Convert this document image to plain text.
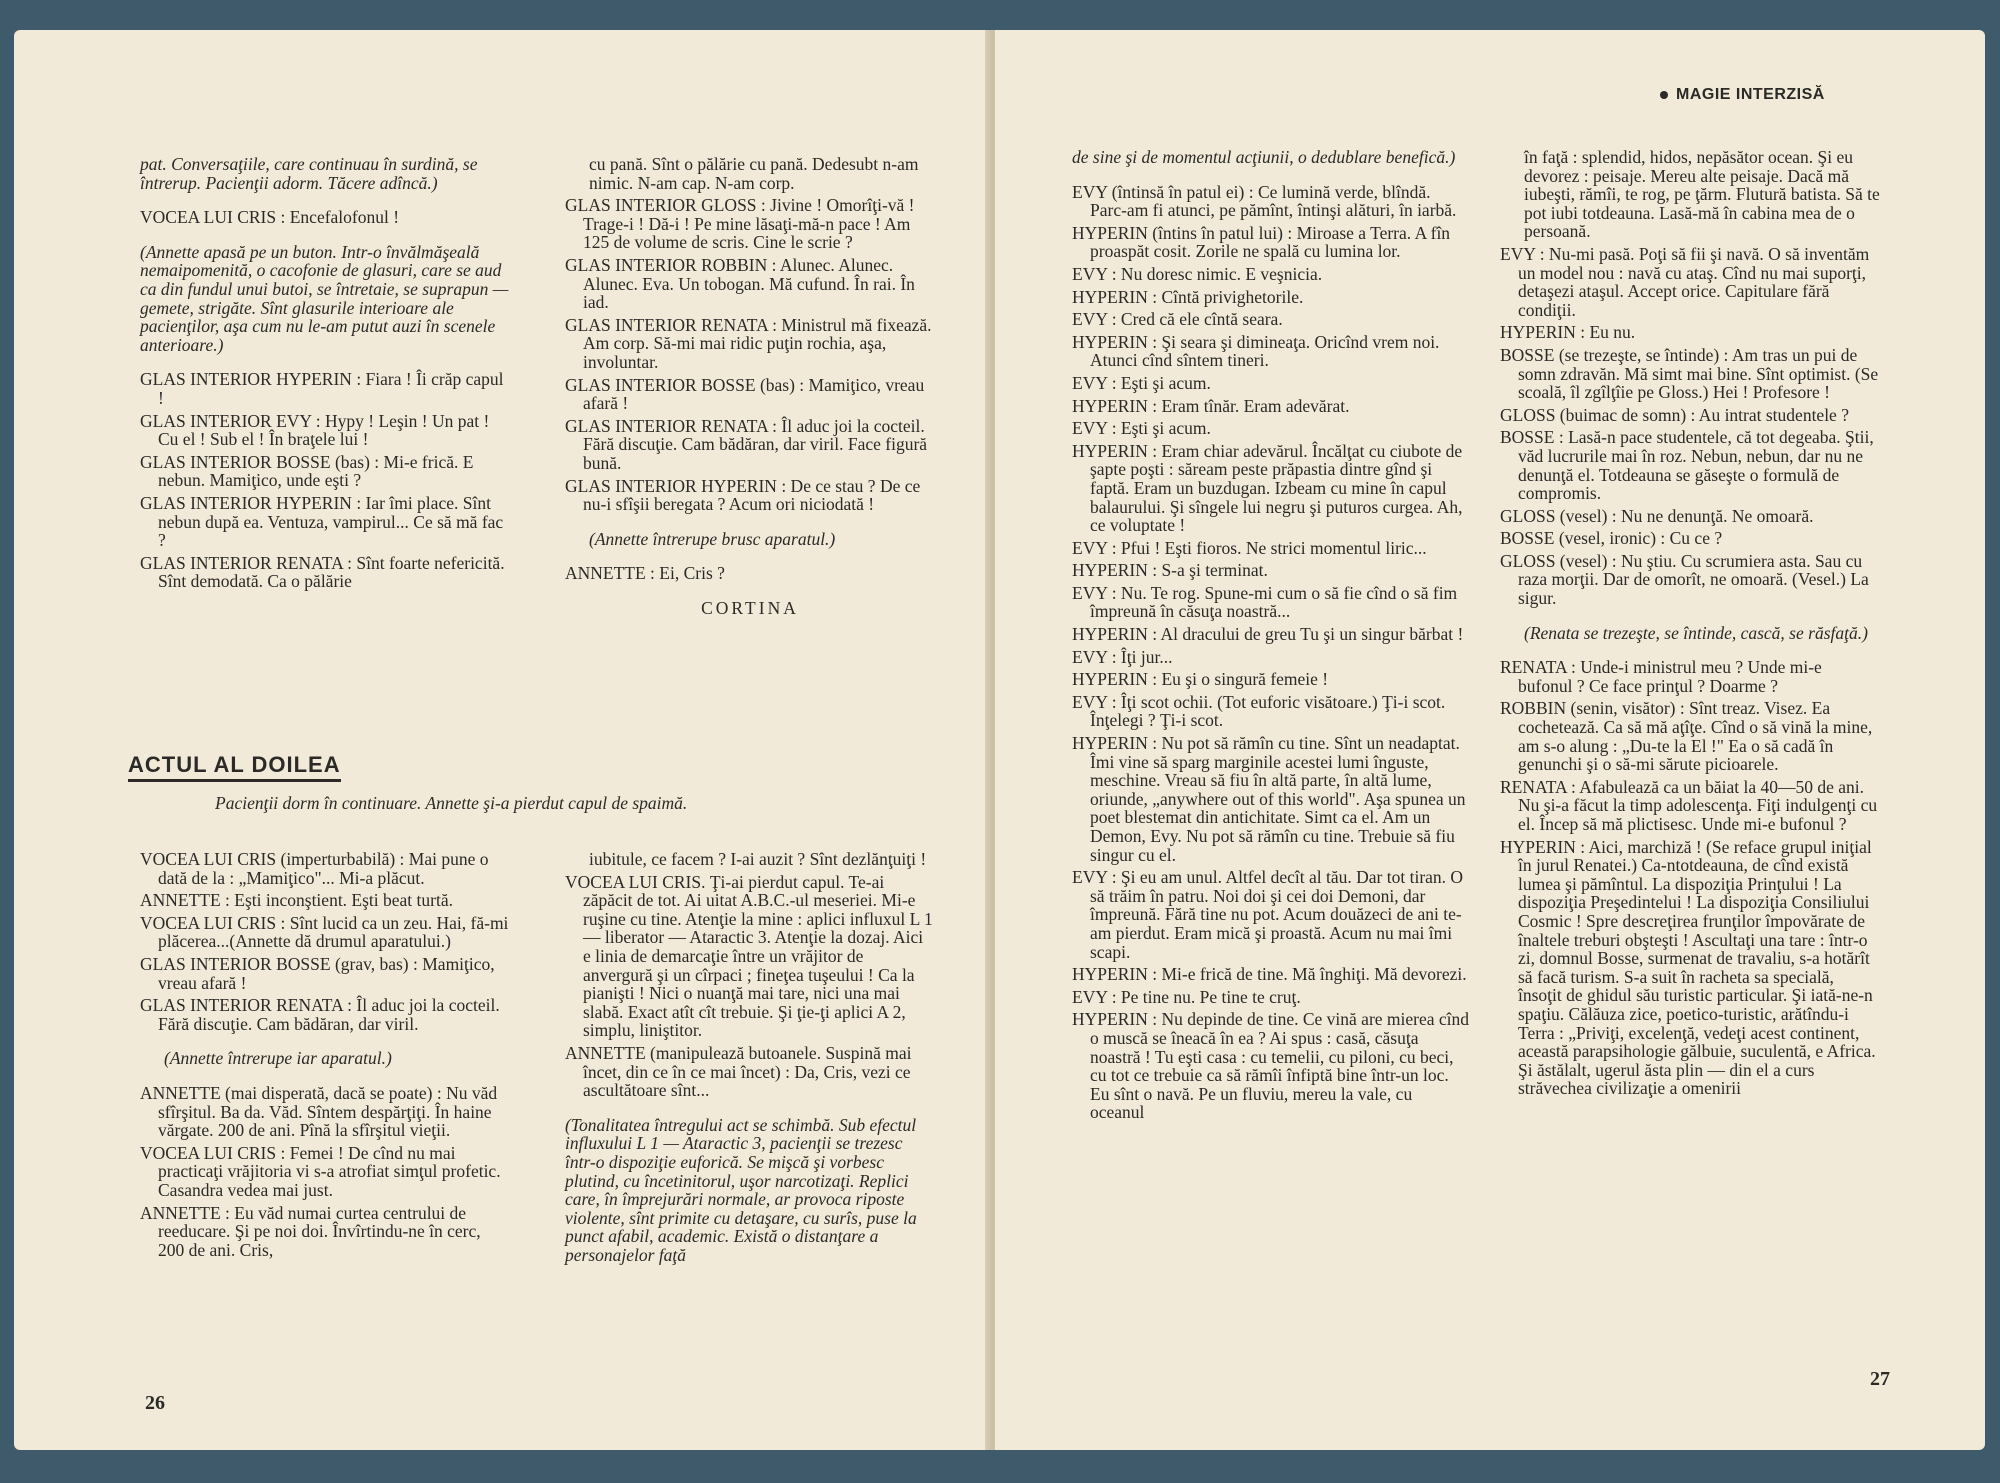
pat. Conversaţiile, care continuau în surdină, se întrerup. Pacienţii adorm. Tăcere adîncă.)

VOCEA LUI CRIS : Encefalofonul !

(Annette apasă pe un buton. Intr-o învălmăşeală nemaipomenită, o cacofonie de glasuri, care se aud ca din fundul unui butoi, se întretaie, se suprapun — gemete, strigăte. Sînt glasurile interioare ale pacienţilor, aşa cum nu le-am putut auzi în scenele anterioare.)

GLAS INTERIOR HYPERIN : Fiara ! Îi crăp capul !

GLAS INTERIOR EVY : Hypy ! Leşin ! Un pat ! Cu el ! Sub el ! În braţele lui !

GLAS INTERIOR BOSSE (bas) : Mi-e frică. E nebun. Mamiţico, unde eşti ?

GLAS INTERIOR HYPERIN : Iar îmi place. Sînt nebun după ea. Ventuza, vampirul... Ce să mă fac ?

GLAS INTERIOR RENATA : Sînt foarte nefericită. Sînt demodată. Ca o pălărie

cu pană. Sînt o pălărie cu pană. Dedesubt n-am nimic. N-am cap. N-am corp.

GLAS INTERIOR GLOSS : Jivine ! Omorîţi-vă ! Trage-i ! Dă-i ! Pe mine lăsaţi-mă-n pace ! Am 125 de volume de scris. Cine le scrie ?

GLAS INTERIOR ROBBIN : Alunec. Alunec. Alunec. Eva. Un tobogan. Mă cufund. În rai. În iad.

GLAS INTERIOR RENATA : Ministrul mă fixează. Am corp. Să-mi mai ridic puţin rochia, aşa, involuntar.

GLAS INTERIOR BOSSE (bas) : Mamiţico, vreau afară !

GLAS INTERIOR RENATA : Îl aduc joi la cocteil. Fără discuţie. Cam bădăran, dar viril. Face figură bună.

GLAS INTERIOR HYPERIN : De ce stau ? De ce nu-i sfîşii beregata ? Acum ori niciodată !

(Annette întrerupe brusc aparatul.)

ANNETTE : Ei, Cris ?

CORTINA

ACTUL AL DOILEA
Pacienţii dorm în continuare. Annette şi-a pierdut capul de spaimă.

VOCEA LUI CRIS (imperturbabilă) : Mai pune o dată de la : „Mamiţico"... Mi-a plăcut.

ANNETTE : Eşti inconştient. Eşti beat turtă.

VOCEA LUI CRIS : Sînt lucid ca un zeu. Hai, fă-mi plăcerea...(Annette dă drumul aparatului.)

GLAS INTERIOR BOSSE (grav, bas) : Mamiţico, vreau afară !

GLAS INTERIOR RENATA : Îl aduc joi la cocteil. Fără discuţie. Cam bădăran, dar viril.

(Annette întrerupe iar aparatul.)

ANNETTE (mai disperată, dacă se poate) : Nu văd sfîrşitul. Ba da. Văd. Sîntem despărţiţi. În haine vărgate. 200 de ani. Pînă la sfîrşitul vieţii.

VOCEA LUI CRIS : Femei ! De cînd nu mai practicaţi vrăjitoria vi s-a atrofiat simţul profetic. Casandra vedea mai just.

ANNETTE : Eu văd numai curtea centrului de reeducare. Şi pe noi doi. Învîrtindu-ne în cerc, 200 de ani. Cris,

iubitule, ce facem ? I-ai auzit ? Sînt dezlănţuiţi !

VOCEA LUI CRIS. Ţi-ai pierdut capul. Te-ai zăpăcit de tot. Ai uitat A.B.C.-ul meseriei. Mi-e ruşine cu tine. Atenţie la mine : aplici influxul L 1 — liberator — Ataractic 3. Atenţie la dozaj. Aici e linia de demarcaţie între un vrăjitor de anvergură şi un cîrpaci ; fineţea tuşeului ! Ca la pianişti ! Nici o nuanţă mai tare, nici una mai slabă. Exact atît cît trebuie. Şi ţie-ţi aplici A 2, simplu, liniştitor.

ANNETTE (manipulează butoanele. Suspină mai încet, din ce în ce mai încet) : Da, Cris, vezi ce ascultătoare sînt...

(Tonalitatea întregului act se schimbă. Sub efectul influxului L 1 — Ataractic 3, pacienţii se trezesc într-o dispoziţie euforică. Se mişcă şi vorbesc plutind, cu încetinitorul, uşor narcotizaţi. Replici care, în împrejurări normale, ar provoca riposte violente, sînt primite cu detaşare, cu surîs, puse la punct afabil, academic. Există o distanţare a personajelor faţă

26
MAGIE INTERZISĂ

de sine şi de momentul acţiunii, o dedublare benefică.)

EVY (întinsă în patul ei) : Ce lumină verde, blîndă. Parc-am fi atunci, pe pămînt, întinşi alături, în iarbă.

HYPERIN (întins în patul lui) : Miroase a Terra. A fîn proaspăt cosit. Zorile ne spală cu lumina lor.

EVY : Nu doresc nimic. E veşnicia.

HYPERIN : Cîntă privighetorile.

EVY : Cred că ele cîntă seara.

HYPERIN : Şi seara şi dimineaţa. Oricînd vrem noi. Atunci cînd sîntem tineri.

EVY : Eşti şi acum.

HYPERIN : Eram tînăr. Eram adevărat.

EVY : Eşti şi acum.

HYPERIN : Eram chiar adevărul. Încălţat cu ciubote de şapte poşti : săream peste prăpastia dintre gînd şi faptă. Eram un buzdugan. Izbeam cu mine în capul balaurului. Şi sîngele lui negru şi puturos curgea. Ah, ce voluptate !

EVY : Pfui ! Eşti fioros. Ne strici momentul liric...

HYPERIN : S-a şi terminat.

EVY : Nu. Te rog. Spune-mi cum o să fie cînd o să fim împreună în căsuţa noastră...

HYPERIN : Al dracului de greu Tu şi un singur bărbat !

EVY : Îţi jur...

HYPERIN : Eu şi o singură femeie !

EVY : Îţi scot ochii. (Tot euforic visătoare.) Ţi-i scot. Înţelegi ? Ţi-i scot.

HYPERIN : Nu pot să rămîn cu tine. Sînt un neadaptat. Îmi vine să sparg marginile acestei lumi înguste, meschine. Vreau să fiu în altă parte, în altă lume, oriunde, „anywhere out of this world". Aşa spunea un poet blestemat din antichitate. Simt ca el. Am un Demon, Evy. Nu pot să rămîn cu tine. Trebuie să fiu singur cu el.

EVY : Şi eu am unul. Altfel decît al tău. Dar tot tiran. O să trăim în patru. Noi doi şi cei doi Demoni, dar împreună. Fără tine nu pot. Acum douăzeci de ani te-am pierdut. Eram mică şi proastă. Acum nu mai îmi scapi.

HYPERIN : Mi-e frică de tine. Mă înghiţi. Mă devorezi.

EVY : Pe tine nu. Pe tine te cruţ.

HYPERIN : Nu depinde de tine. Ce vină are mierea cînd o muscă se îneacă în ea ? Ai spus : casă, căsuţa noastră ! Tu eşti casa : cu temelii, cu piloni, cu beci, cu tot ce trebuie ca să rămîi înfiptă bine într-un loc. Eu sînt o navă. Pe un fluviu, mereu la vale, cu oceanul

în faţă : splendid, hidos, nepăsător ocean. Şi eu devorez : peisaje. Mereu alte peisaje. Dacă mă iubeşti, rămîi, te rog, pe ţărm. Flutură batista. Să te pot iubi totdeauna. Lasă-mă în cabina mea de o persoană.

EVY : Nu-mi pasă. Poţi să fii şi navă. O să inventăm un model nou : navă cu ataş. Cînd nu mai suporţi, detaşezi ataşul. Accept orice. Capitulare fără condiţii.

HYPERIN : Eu nu.

BOSSE (se trezeşte, se întinde) : Am tras un pui de somn zdravăn. Mă simt mai bine. Sînt optimist. (Se scoală, îl zgîlţîie pe Gloss.) Hei ! Profesore !

GLOSS (buimac de somn) : Au intrat studentele ?

BOSSE : Lasă-n pace studentele, că tot degeaba. Ştii, văd lucrurile mai în roz. Nebun, nebun, dar nu ne denunţă el. Totdeauna se găseşte o formulă de compromis.

GLOSS (vesel) : Nu ne denunţă. Ne omoară.

BOSSE (vesel, ironic) : Cu ce ?

GLOSS (vesel) : Nu ştiu. Cu scrumiera asta. Sau cu raza morţii. Dar de omorît, ne omoară. (Vesel.) La sigur.

(Renata se trezeşte, se întinde, cască, se răsfaţă.)

RENATA : Unde-i ministrul meu ? Unde mi-e bufonul ? Ce face prinţul ? Doarme ?

ROBBIN (senin, visător) : Sînt treaz. Visez. Ea cochetează. Ca să mă aţîţe. Cînd o să vină la mine, am s-o alung : „Du-te la El !" Ea o să cadă în genunchi şi o să-mi sărute picioarele.

RENATA : Afabulează ca un băiat la 40—50 de ani. Nu şi-a făcut la timp adolescenţa. Fiţi indulgenţi cu el. Încep să mă plictisesc. Unde mi-e bufonul ?

HYPERIN : Aici, marchiză ! (Se reface grupul iniţial în jurul Renatei.) Ca-ntotdeauna, de cînd există lumea şi pămîntul. La dispoziţia Prinţului ! La dispoziţia Preşedintelui ! La dispoziţia Consiliului Cosmic ! Spre descreţirea frunţilor împovărate de înaltele treburi obşteşti ! Ascultaţi una tare : într-o zi, domnul Bosse, surmenat de travaliu, s-a hotărît să facă turism. S-a suit în racheta sa specială, însoţit de ghidul său turistic particular. Şi iată-ne-n spaţiu. Călăuza zice, poetico-turistic, arătîndu-i Terra : „Priviţi, excelenţă, vedeţi acest continent, această parapsihologie gălbuie, suculentă, e Africa. Şi ăstălalt, ugerul ăsta plin — din el a curs străvechea civilizaţie a omenirii

27
